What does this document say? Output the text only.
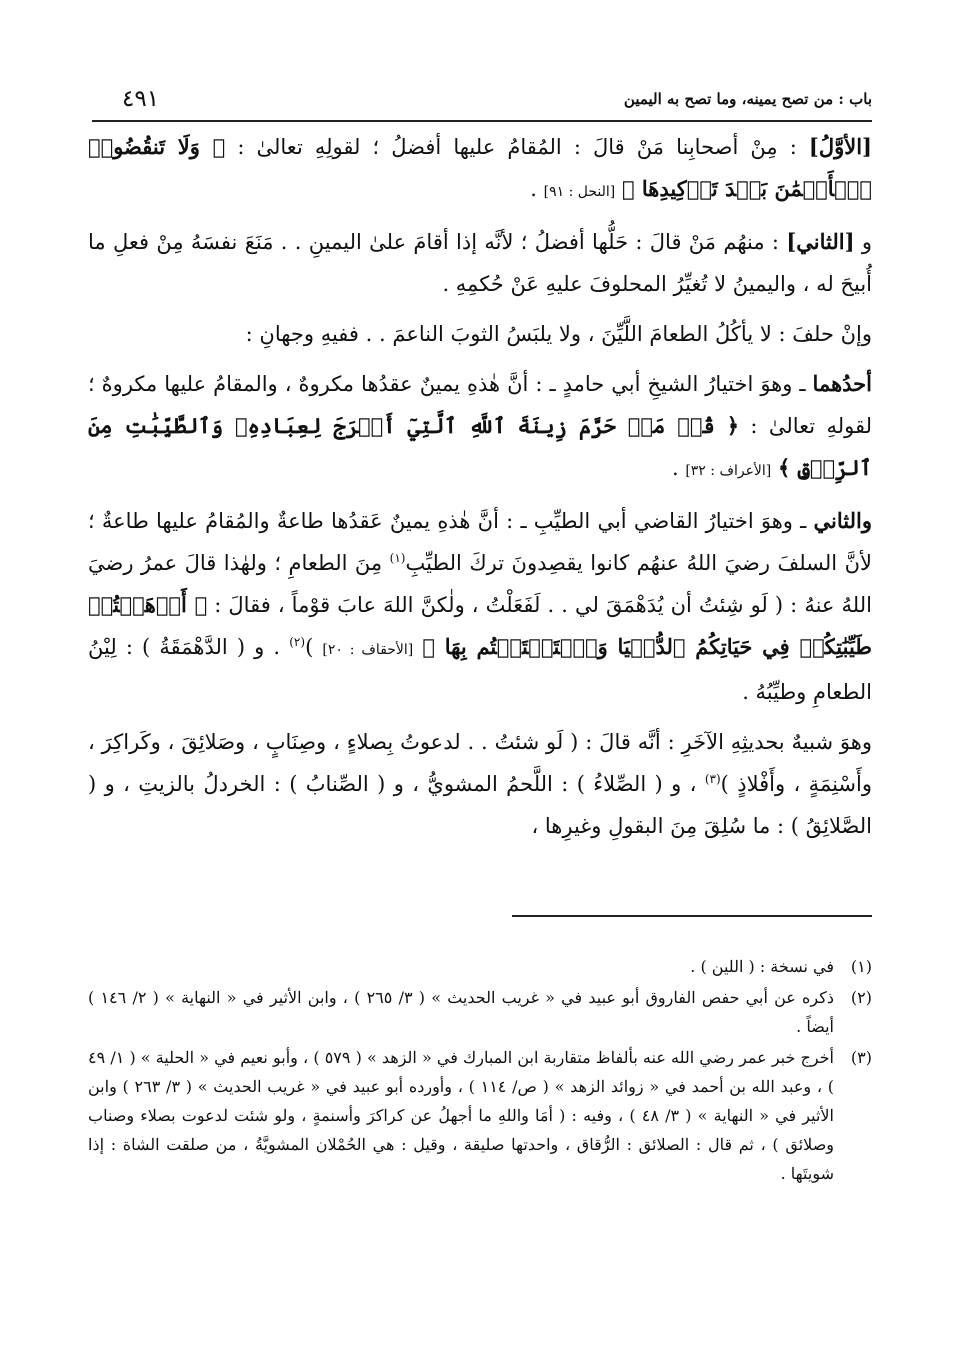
باب : من تصح يمينه، وما تصح به اليمين
٤٩١

[الأوَّلُ] : مِنْ أصحابِنا مَنْ قالَ : المُقامُ عليها أفضلُ ؛ لقولِهِ تعالىٰ : ﴿ وَلَا تَنقُضُوا۟ ٱلۡأَيۡمَٰنَ بَعۡدَ تَوۡكِيدِهَا ﴾ [النحل : ٩١] .

و [الثاني] : منهُم مَنْ قالَ : حَلُّها أفضلُ ؛ لأنَّه إذا أقامَ علىٰ اليمينِ . . مَنَعَ نفسَهُ مِنْ فعلِ ما أُبيحَ له ، واليمينُ لا تُغيِّرُ المحلوفَ عليهِ عَنْ حُكمِهِ .

وإنْ حلفَ : لا يأكُلُ الطعامَ اللَّيِّنَ ، ولا يلبَسُ الثوبَ الناعمَ . . ففيهِ وجهانِ :

أحدُهما ـ وهوَ اختيارُ الشيخِ أبي حامدٍ ـ : أنَّ هٰذهِ يمينٌ عقدُها مكروهٌ ، والمقامُ عليها مكروهٌ ؛ لقولهِ تعالىٰ : ﴿ قُلۡ مَنۡ حَرَّمَ زِينَةَ ٱللَّهِ ٱلَّتِيٓ أَخۡرَجَ لِعِبَادِهِۦ وَٱلطَّيِّبَٰتِ مِنَ ٱلرِّزۡقِ ﴾ [الأعراف : ٣٢] .

والثاني ـ وهوَ اختيارُ القاضي أبي الطيِّبِ ـ : أنَّ هٰذهِ يمينٌ عَقدُها طاعةٌ والمُقامُ عليها طاعةٌ ؛ لأنَّ السلفَ رضيَ اللهُ عنهُم كانوا يقصِدونَ تركَ الطيِّبِ$^{(١)}$ مِنَ الطعامِ ؛ ولهٰذا قالَ عمرُ رضيَ اللهُ عنهُ : ( لَو شِئتُ أن يُدَهْمَقَ لي . . لَفَعَلْتُ ، ولٰكنَّ اللهَ عابَ قوْماً ، فقالَ : ﴿ أَذۡهَبۡتُمۡ طَيِّبَٰتِكُمۡ فِي حَيَاتِكُمُ ٱلدُّنۡيَا وَٱسۡتَمۡتَعۡتُم بِهَا ﴾ [الأحقاف : ٢٠] )$^{(٢)}$ . و ( الدَّهْمَقَةُ ) : لِيْنُ الطعامِ وطيِّبُهُ .

وهوَ شبيهٌ بحديثِهِ الآخَرِ : أنَّه قالَ : ( لَو شئتُ . . لدعوتُ بِصلاءٍ ، وصِنَابٍ ، وصَلائِقَ ، وكَراكِرَ ، وأَسْنِمَةٍ ، وأَفْلاذٍ )$^{(٣)}$ ، و ( الصِّلاءُ ) : اللَّحمُ المشويُّ ، و ( الصِّنابُ ) : الخردلُ بالزيتِ ، و ( الصَّلائِقُ ) : ما سُلِقَ مِنَ البقولِ وغيرِها ،

(١)
في نسخة : ( اللين ) .
(٢)
ذكره عن أبي حفص الفاروق أبو عبيد في « غريب الحديث » ( ٣/ ٢٦٥ ) ، وابن الأثير في « النهاية » ( ٢/ ١٤٦ ) أيضاً .
(٣)
أخرج خبر عمر رضي الله عنه بألفاظ متقاربة ابن المبارك في « الزهد » ( ٥٧٩ ) ، وأبو نعيم في « الحلية » ( ١/ ٤٩ ) ، وعبد الله بن أحمد في « زوائد الزهد » ( ص/ ١١٤ ) ، وأورده أبو عبيد في « غريب الحديث » ( ٣/ ٢٦٣ ) وابن الأثير في « النهاية » ( ٣/ ٤٨ ) ، وفيه : ( أمَا واللهِ ما أجهلُ عن كراكرَ وأسنمةٍ ، ولو شئت لدعوت بصلاء وصناب وصلائق ) ، ثم قال : الصلائق : الرُّقاق ، واحدتها صليقة ، وقيل : هي الحُمْلان المشويَّةُ ، من صلقت الشاة : إذا شويتَها .
